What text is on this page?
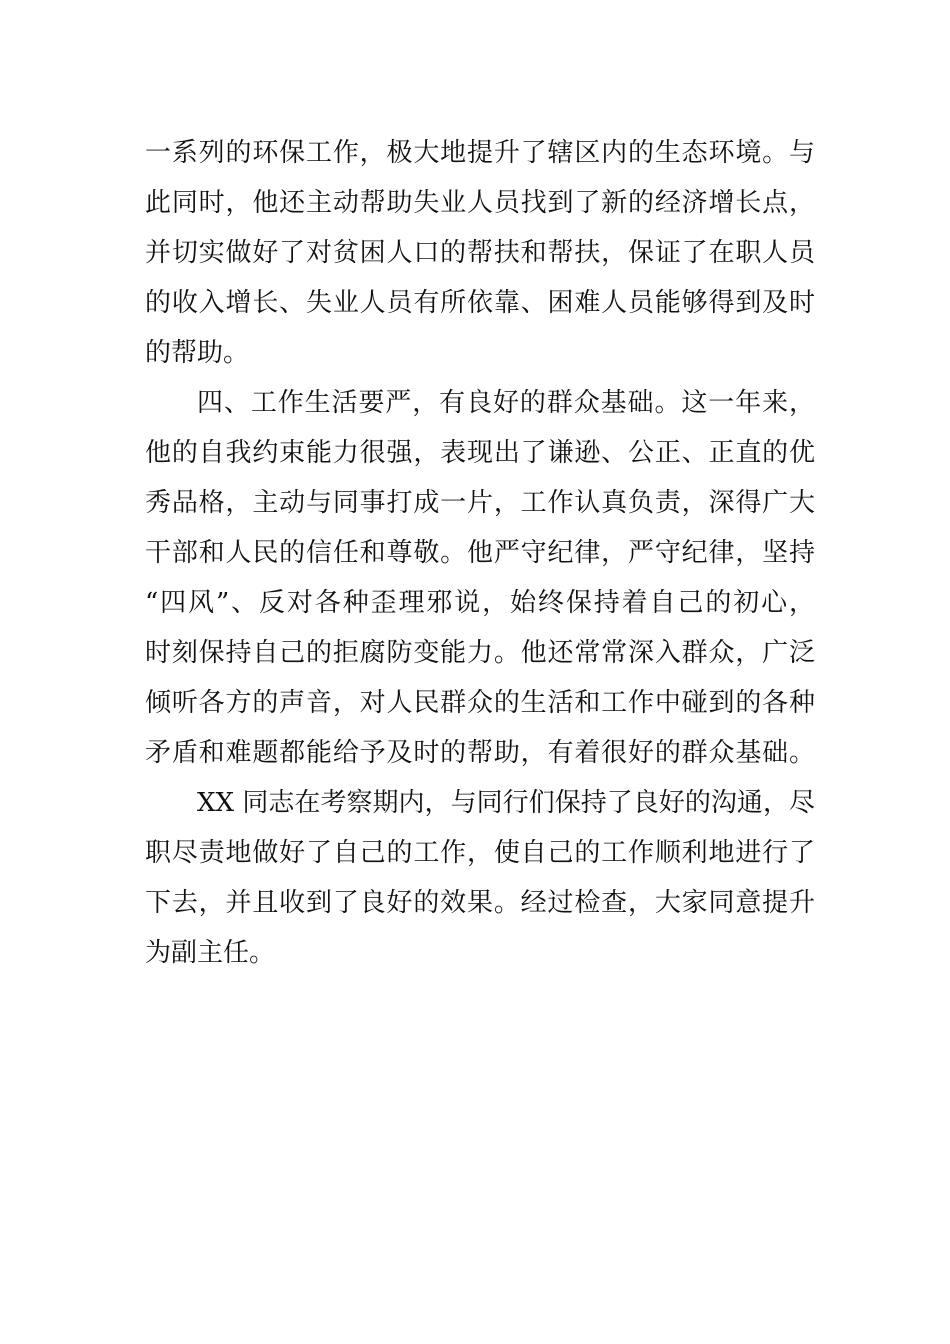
一系列的环保工作，极大地提升了辖区内的生态环境。与
此同时，他还主动帮助失业人员找到了新的经济增长点，
并切实做好了对贫困人口的帮扶和帮扶，保证了在职人员
的收入增长、失业人员有所依靠、困难人员能够得到及时
的帮助。
四、工作生活要严，有良好的群众基础。这一年来，
他的自我约束能力很强，表现出了谦逊、公正、正直的优
秀品格，主动与同事打成一片，工作认真负责，深得广大
干部和人民的信任和尊敬。他严守纪律，严守纪律，坚持
“四风”、反对各种歪理邪说，始终保持着自己的初心，
时刻保持自己的拒腐防变能力。他还常常深入群众，广泛
倾听各方的声音，对人民群众的生活和工作中碰到的各种
矛盾和难题都能给予及时的帮助，有着很好的群众基础。
XX 同志在考察期内，与同行们保持了良好的沟通，尽
职尽责地做好了自己的工作，使自己的工作顺利地进行了
下去，并且收到了良好的效果。经过检查，大家同意提升
为副主任。
